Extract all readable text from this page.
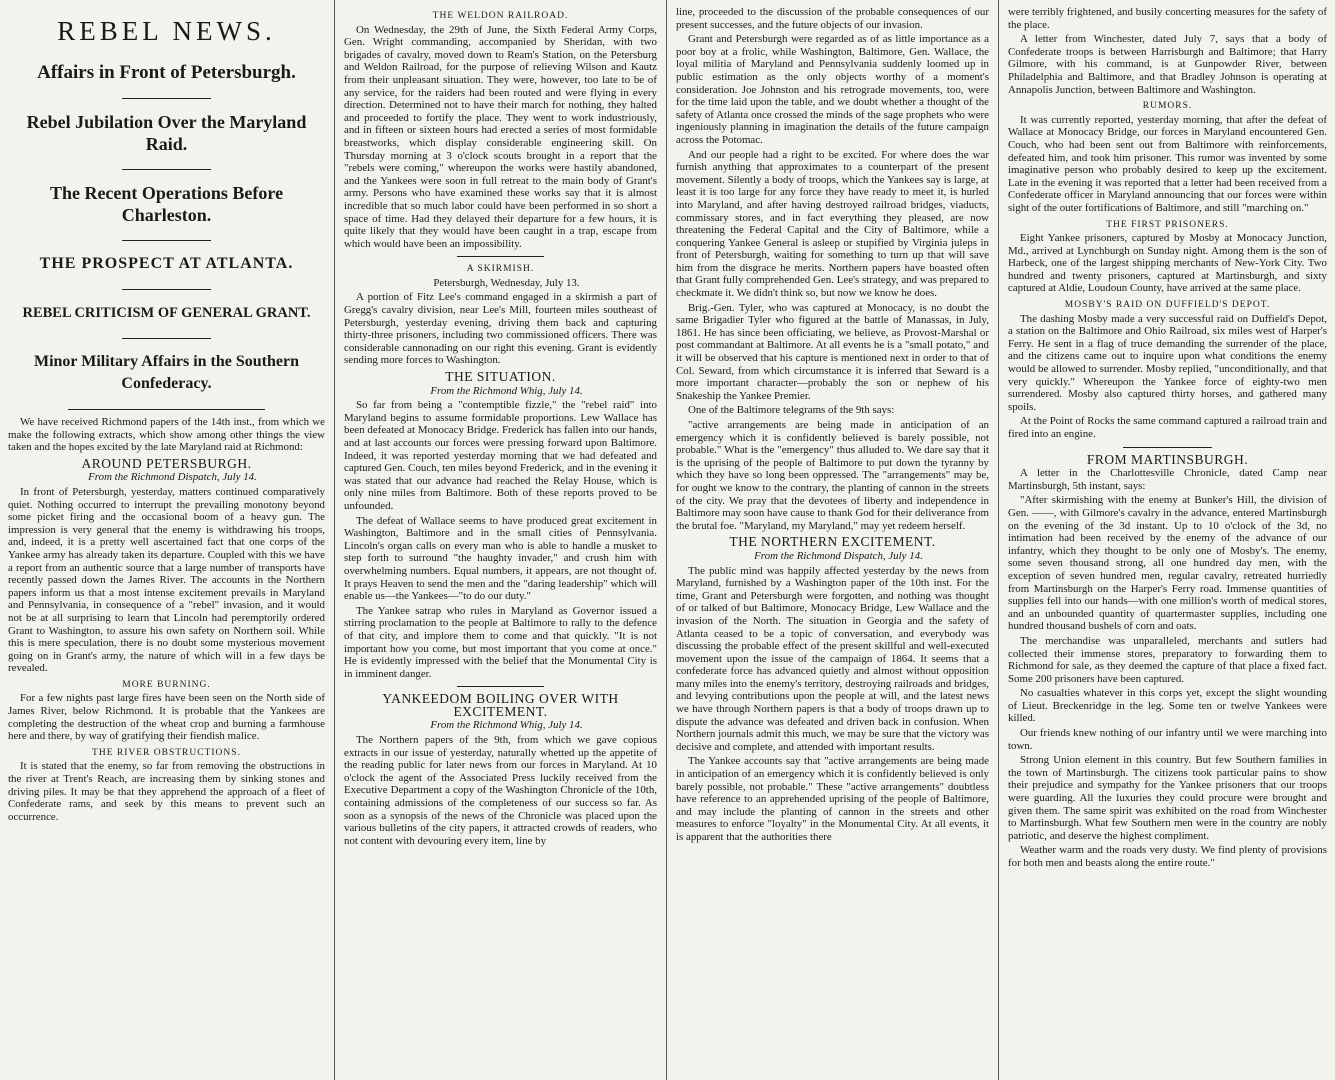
REBEL NEWS.
Affairs in Front of Petersburgh.
Rebel Jubilation Over the Maryland Raid.
The Recent Operations Before Charleston.
THE PROSPECT AT ATLANTA.
REBEL CRITICISM OF GENERAL GRANT.
Minor Military Affairs in the Southern Confederacy.

We have received Richmond papers of the 14th inst., from which we make the following extracts, which show among other things the view taken and the hopes excited by the late Maryland raid at Richmond:

AROUND PETERSBURGH.

From the Richmond Dispatch, July 14.

In front of Petersburgh, yesterday, matters continued comparatively quiet. Nothing occurred to interrupt the prevailing monotony beyond some picket firing and the occasional boom of a heavy gun. The impression is very general that the enemy is withdrawing his troops, and, indeed, it is a pretty well ascertained fact that one corps of the Yankee army has already taken its departure. Coupled with this we have a report from an authentic source that a large number of transports have recently passed down the James River. The accounts in the Northern papers inform us that a most intense excitement prevails in Maryland and Pennsylvania, in consequence of a "rebel" invasion, and it would not be at all surprising to learn that Lincoln had peremptorily ordered Grant to Washington, to assure his own safety on Northern soil. While this is mere speculation, there is no doubt some mysterious movement going on in Grant's army, the nature of which will in a few days be revealed.

MORE BURNING.

For a few nights past large fires have been seen on the North side of James River, below Richmond. It is probable that the Yankees are completing the destruction of the wheat crop and burning a farmhouse here and there, by way of gratifying their fiendish malice.

THE RIVER OBSTRUCTIONS.

It is stated that the enemy, so far from removing the obstructions in the river at Trent's Reach, are increasing them by sinking stones and driving piles. It may be that they apprehend the approach of a fleet of Confederate rams, and seek by this means to prevent such an occurrence.

THE WELDON RAILROAD.

On Wednesday, the 29th of June, the Sixth Federal Army Corps, Gen. Wright commanding, accompanied by Sheridan, with two brigades of cavalry, moved down to Ream's Station, on the Petersburg and Weldon Railroad, for the purpose of relieving Wilson and Kautz from their unpleasant situation. They were, however, too late to be of any service, for the raiders had been routed and were flying in every direction. Determined not to have their march for nothing, they halted and proceeded to fortify the place. They went to work industriously, and in fifteen or sixteen hours had erected a series of most formidable breastworks, which display considerable engineering skill. On Thursday morning at 3 o'clock scouts brought in a report that the "rebels were coming," whereupon the works were hastily abandoned, and the Yankees were soon in full retreat to the main body of Grant's army. Persons who have examined these works say that it is almost incredible that so much labor could have been performed in so short a space of time. Had they delayed their departure for a few hours, it is quite likely that they would have been caught in a trap, escape from which would have been an impossibility.

A SKIRMISH.

Petersburgh, Wednesday, July 13.

A portion of Fitz Lee's command engaged in a skirmish a part of Gregg's cavalry division, near Lee's Mill, fourteen miles southeast of Petersburgh, yesterday evening, driving them back and capturing thirty-three prisoners, including two commissioned officers. There was considerable cannonading on our right this evening. Grant is evidently sending more forces to Washington.

THE SITUATION.

From the Richmond Whig, July 14.

So far from being a "contemptible fizzle," the "rebel raid" into Maryland begins to assume formidable proportions. Lew Wallace has been defeated at Monocacy Bridge. Frederick has fallen into our hands, and at last accounts our forces were pressing forward upon Baltimore. Indeed, it was reported yesterday morning that we had defeated and captured Gen. Couch, ten miles beyond Frederick, and in the evening it was stated that our advance had reached the Relay House, which is only nine miles from Baltimore. Both of these reports proved to be unfounded.

The defeat of Wallace seems to have produced great excitement in Washington, Baltimore and in the small cities of Pennsylvania. Lincoln's organ calls on every man who is able to handle a musket to step forth to surround "the haughty invader," and crush him with overwhelming numbers. Equal numbers, it appears, are not thought of. It prays Heaven to send the men and the "daring leadership" which will enable us—the Yankees—"to do our duty."

The Yankee satrap who rules in Maryland as Governor issued a stirring proclamation to the people at Baltimore to rally to the defence of that city, and implore them to come and that quickly. "It is not important how you come, but most important that you come at once." He is evidently impressed with the belief that the Monumental City is in imminent danger.

YANKEEDOM BOILING OVER WITH EXCITEMENT.

From the Richmond Whig, July 14.

The Northern papers of the 9th, from which we gave copious extracts in our issue of yesterday, naturally whetted up the appetite of the reading public for later news from our forces in Maryland. At 10 o'clock the agent of the Associated Press luckily received from the Executive Department a copy of the Washington Chronicle of the 10th, containing admissions of the completeness of our success so far. As soon as a synopsis of the news of the Chronicle was placed upon the various bulletins of the city papers, it attracted crowds of readers, who not content with devouring every item, line by

line, proceeded to the discussion of the probable consequences of our present successes, and the future objects of our invasion.

Grant and Petersburgh were regarded as of as little importance as a poor boy at a frolic, while Washington, Baltimore, Gen. Wallace, the loyal militia of Maryland and Pennsylvania suddenly loomed up in public estimation as the only objects worthy of a moment's consideration. Joe Johnston and his retrograde movements, too, were for the time laid upon the table, and we doubt whether a thought of the safety of Atlanta once crossed the minds of the sage prophets who were ingeniously planning in imagination the details of the future campaign across the Potomac.

And our people had a right to be excited. For where does the war furnish anything that approximates to a counterpart of the present movement. Silently a body of troops, which the Yankees say is large, at least it is too large for any force they have ready to meet it, is hurled into Maryland, and after having destroyed railroad bridges, viaducts, commissary stores, and in fact everything they pleased, are now threatening the Federal Capital and the City of Baltimore, while a conquering Yankee General is asleep or stupified by Virginia juleps in front of Petersburgh, waiting for something to turn up that will save him from the disgrace he merits. Northern papers have boasted often that Grant fully comprehended Gen. Lee's strategy, and was prepared to checkmate it. We didn't think so, but now we know he does.

Brig.-Gen. Tyler, who was captured at Monocacy, is no doubt the same Brigadier Tyler who figured at the battle of Manassas, in July, 1861. He has since been officiating, we believe, as Provost-Marshal or post commandant at Baltimore. At all events he is a "small potato," and it will be observed that his capture is mentioned next in order to that of Col. Seward, from which circumstance it is inferred that Seward is a more important character—probably the son or nephew of his Snakeship the Yankee Premier.

One of the Baltimore telegrams of the 9th says:

"active arrangements are being made in anticipation of an emergency which it is confidently believed is barely possible, not probable." What is the "emergency" thus alluded to. We dare say that it is the uprising of the people of Baltimore to put down the tyranny by which they have so long been oppressed. The "arrangements" may be, for ought we know to the contrary, the planting of cannon in the streets of the city. We pray that the devotees of liberty and independence in Baltimore may soon have cause to thank God for their deliverance from the brutal foe. "Maryland, my Maryland," may yet redeem herself.

THE NORTHERN EXCITEMENT.

From the Richmond Dispatch, July 14.

The public mind was happily affected yesterday by the news from Maryland, furnished by a Washington paper of the 10th inst. For the time, Grant and Petersburgh were forgotten, and nothing was thought of or talked of but Baltimore, Monocacy Bridge, Lew Wallace and the invasion of the North. The situation in Georgia and the safety of Atlanta ceased to be a topic of conversation, and everybody was discussing the probable effect of the present skillful and well-executed movement upon the issue of the campaign of 1864. It seems that a confederate force has advanced quietly and almost without opposition many miles into the enemy's territory, destroying railroads and bridges, and levying contributions upon the people at will, and the latest news we have through Northern papers is that a body of troops drawn up to dispute the advance was defeated and driven back in confusion. When Northern journals admit this much, we may be sure that the victory was decisive and complete, and attended with important results.

The Yankee accounts say that "active arrangements are being made in anticipation of an emergency which it is confidently believed is only barely possible, not probable." These "active arrangements" doubtless have reference to an apprehended uprising of the people of Baltimore, and may include the planting of cannon in the streets and other measures to enforce "loyalty" in the Monumental City. At all events, it is apparent that the authorities there

were terribly frightened, and busily concerting measures for the safety of the place.

A letter from Winchester, dated July 7, says that a body of Confederate troops is between Harrisburgh and Baltimore; that Harry Gilmore, with his command, is at Gunpowder River, between Philadelphia and Baltimore, and that Bradley Johnson is operating at Annapolis Junction, between Baltimore and Washington.

RUMORS.

It was currently reported, yesterday morning, that after the defeat of Wallace at Monocacy Bridge, our forces in Maryland encountered Gen. Couch, who had been sent out from Baltimore with reinforcements, defeated him, and took him prisoner. This rumor was invented by some imaginative person who probably desired to keep up the excitement. Late in the evening it was reported that a letter had been received from a Confederate officer in Maryland announcing that our forces were within sight of the outer fortifications of Baltimore, and still "marching on."

THE FIRST PRISONERS.

Eight Yankee prisoners, captured by Mosby at Monocacy Junction, Md., arrived at Lynchburgh on Sunday night. Among them is the son of Harbeck, one of the largest shipping merchants of New-York City. Two hundred and twenty prisoners, captured at Martinsburgh, and sixty captured at Aldie, Loudoun County, have arrived at the same place.

MOSBY'S RAID ON DUFFIELD'S DEPOT.

The dashing Mosby made a very successful raid on Duffield's Depot, a station on the Baltimore and Ohio Railroad, six miles west of Harper's Ferry. He sent in a flag of truce demanding the surrender of the place, and the citizens came out to inquire upon what conditions the enemy would be allowed to surrender. Mosby replied, "unconditionally, and that very quickly." Whereupon the Yankee force of eighty-two men surrendered. Mosby also captured thirty horses, and gathered many spoils.

At the Point of Rocks the same command captured a railroad train and fired into an engine.

FROM MARTINSBURGH.

A letter in the Charlottesville Chronicle, dated Camp near Martinsburgh, 5th instant, says:

"After skirmishing with the enemy at Bunker's Hill, the division of Gen. ——, with Gilmore's cavalry in the advance, entered Martinsburgh on the evening of the 3d instant. Up to 10 o'clock of the 3d, no intimation had been received by the enemy of the advance of our infantry, which they thought to be only one of Mosby's. The enemy, some seven thousand strong, all one hundred day men, with the exception of seven hundred men, regular cavalry, retreated hurriedly from Martinsburgh on the Harper's Ferry road. Immense quantities of supplies fell into our hands—with one million's worth of medical stores, and an unbounded quantity of quartermaster supplies, including one hundred thousand bushels of corn and oats.

The merchandise was unparalleled, merchants and sutlers had collected their immense stores, preparatory to forwarding them to Richmond for sale, as they deemed the capture of that place a fixed fact. Some 200 prisoners have been captured.

No casualties whatever in this corps yet, except the slight wounding of Lieut. Breckenridge in the leg. Some ten or twelve Yankees were killed.

Our friends knew nothing of our infantry until we were marching into town.

Strong Union element in this country. But few Southern families in the town of Martinsburgh. The citizens took particular pains to show their prejudice and sympathy for the Yankee prisoners that our troops were guarding. All the luxuries they could procure were brought and given them. The same spirit was exhibited on the road from Winchester to Martinsburgh. What few Southern men were in the country are nobly patriotic, and deserve the highest compliment.

Weather warm and the roads very dusty. We find plenty of provisions for both men and beasts along the entire route."
